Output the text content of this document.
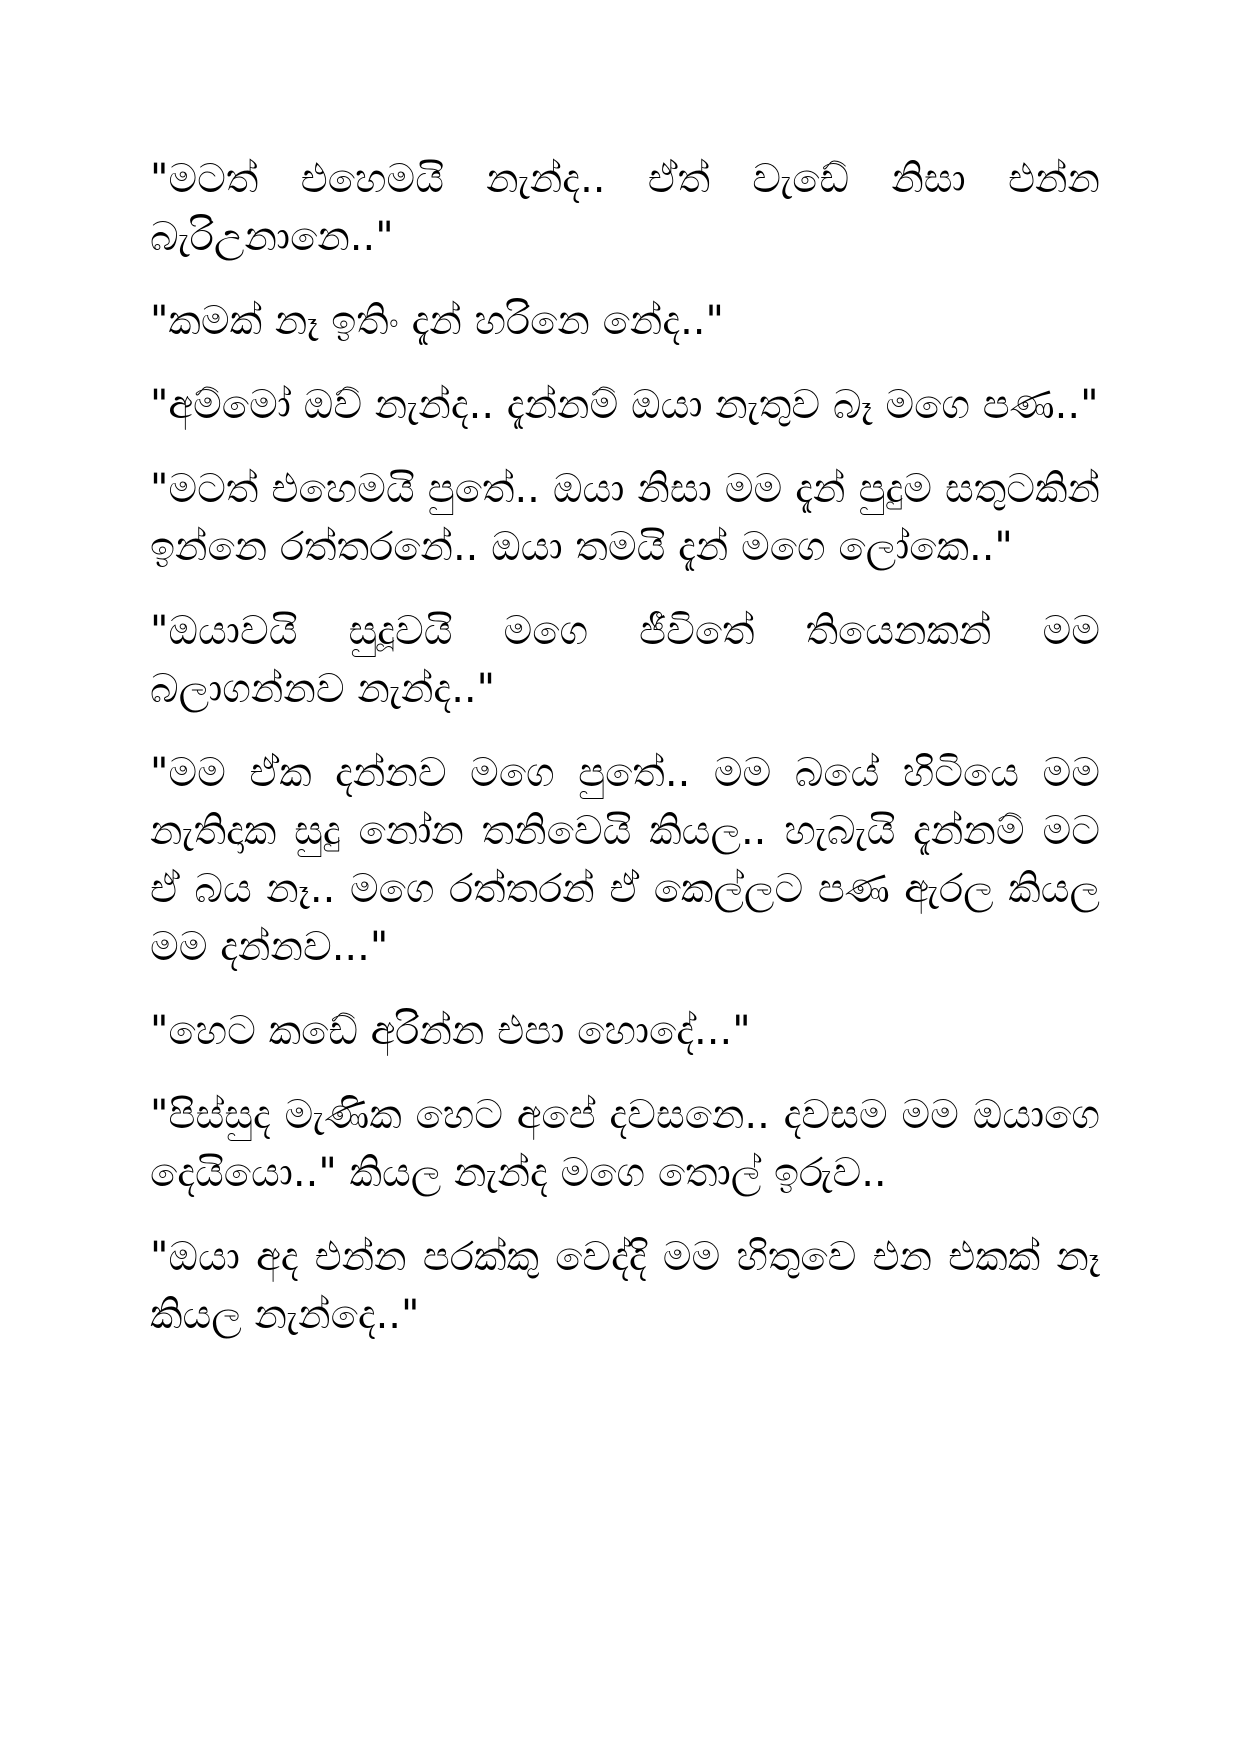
"මටත් එහෙමයි නැන්ද.. ඒත් වැඩේ නිසා එන්න බැරිඋනානෙ.."

"කමක් නෑ ඉතිං දැන් හරිනෙ නේද.."

"අම්මෝ ඔව් නැන්ද.. දැන්නම් ඔයා නැතුව බෑ මගෙ පණ.."

"මටත් එහෙමයි පුතේ.. ඔයා නිසා මම දැන් පුදුම සතුටකින් ඉන්නෙ රත්තරනේ.. ඔයා තමයි දැන් මගෙ ලෝකෙ.."

"ඔයාවයි සුදූවයි මගෙ ජීවිතේ තියෙනකන් මම බලාගන්නව නැන්ද.."

"මම ඒක දන්නව මගෙ පුතේ.. මම බයේ හිටියෙ මම නැතිදාක සුදු නෝන තනිවෙයි කියල.. හැබැයි දැන්නම් මට ඒ බය නෑ.. මගෙ රත්තරන් ඒ කෙල්ලට පණ ඇරල කියල මම දන්නව..."

"හෙට කඩේ අරින්න එපා හොදේ..."

"පිස්සුද මැණික හෙට අපේ දවසනෙ.. දවසම මම ඔයාගෙ දෙයියො.." කියල නැන්ද මගෙ තොල් ඉරුව..

"ඔයා අද එන්න පරක්කු වෙද්දි මම හිතුවෙ එන එකක් නෑ කියල නැන්දෙ.."
